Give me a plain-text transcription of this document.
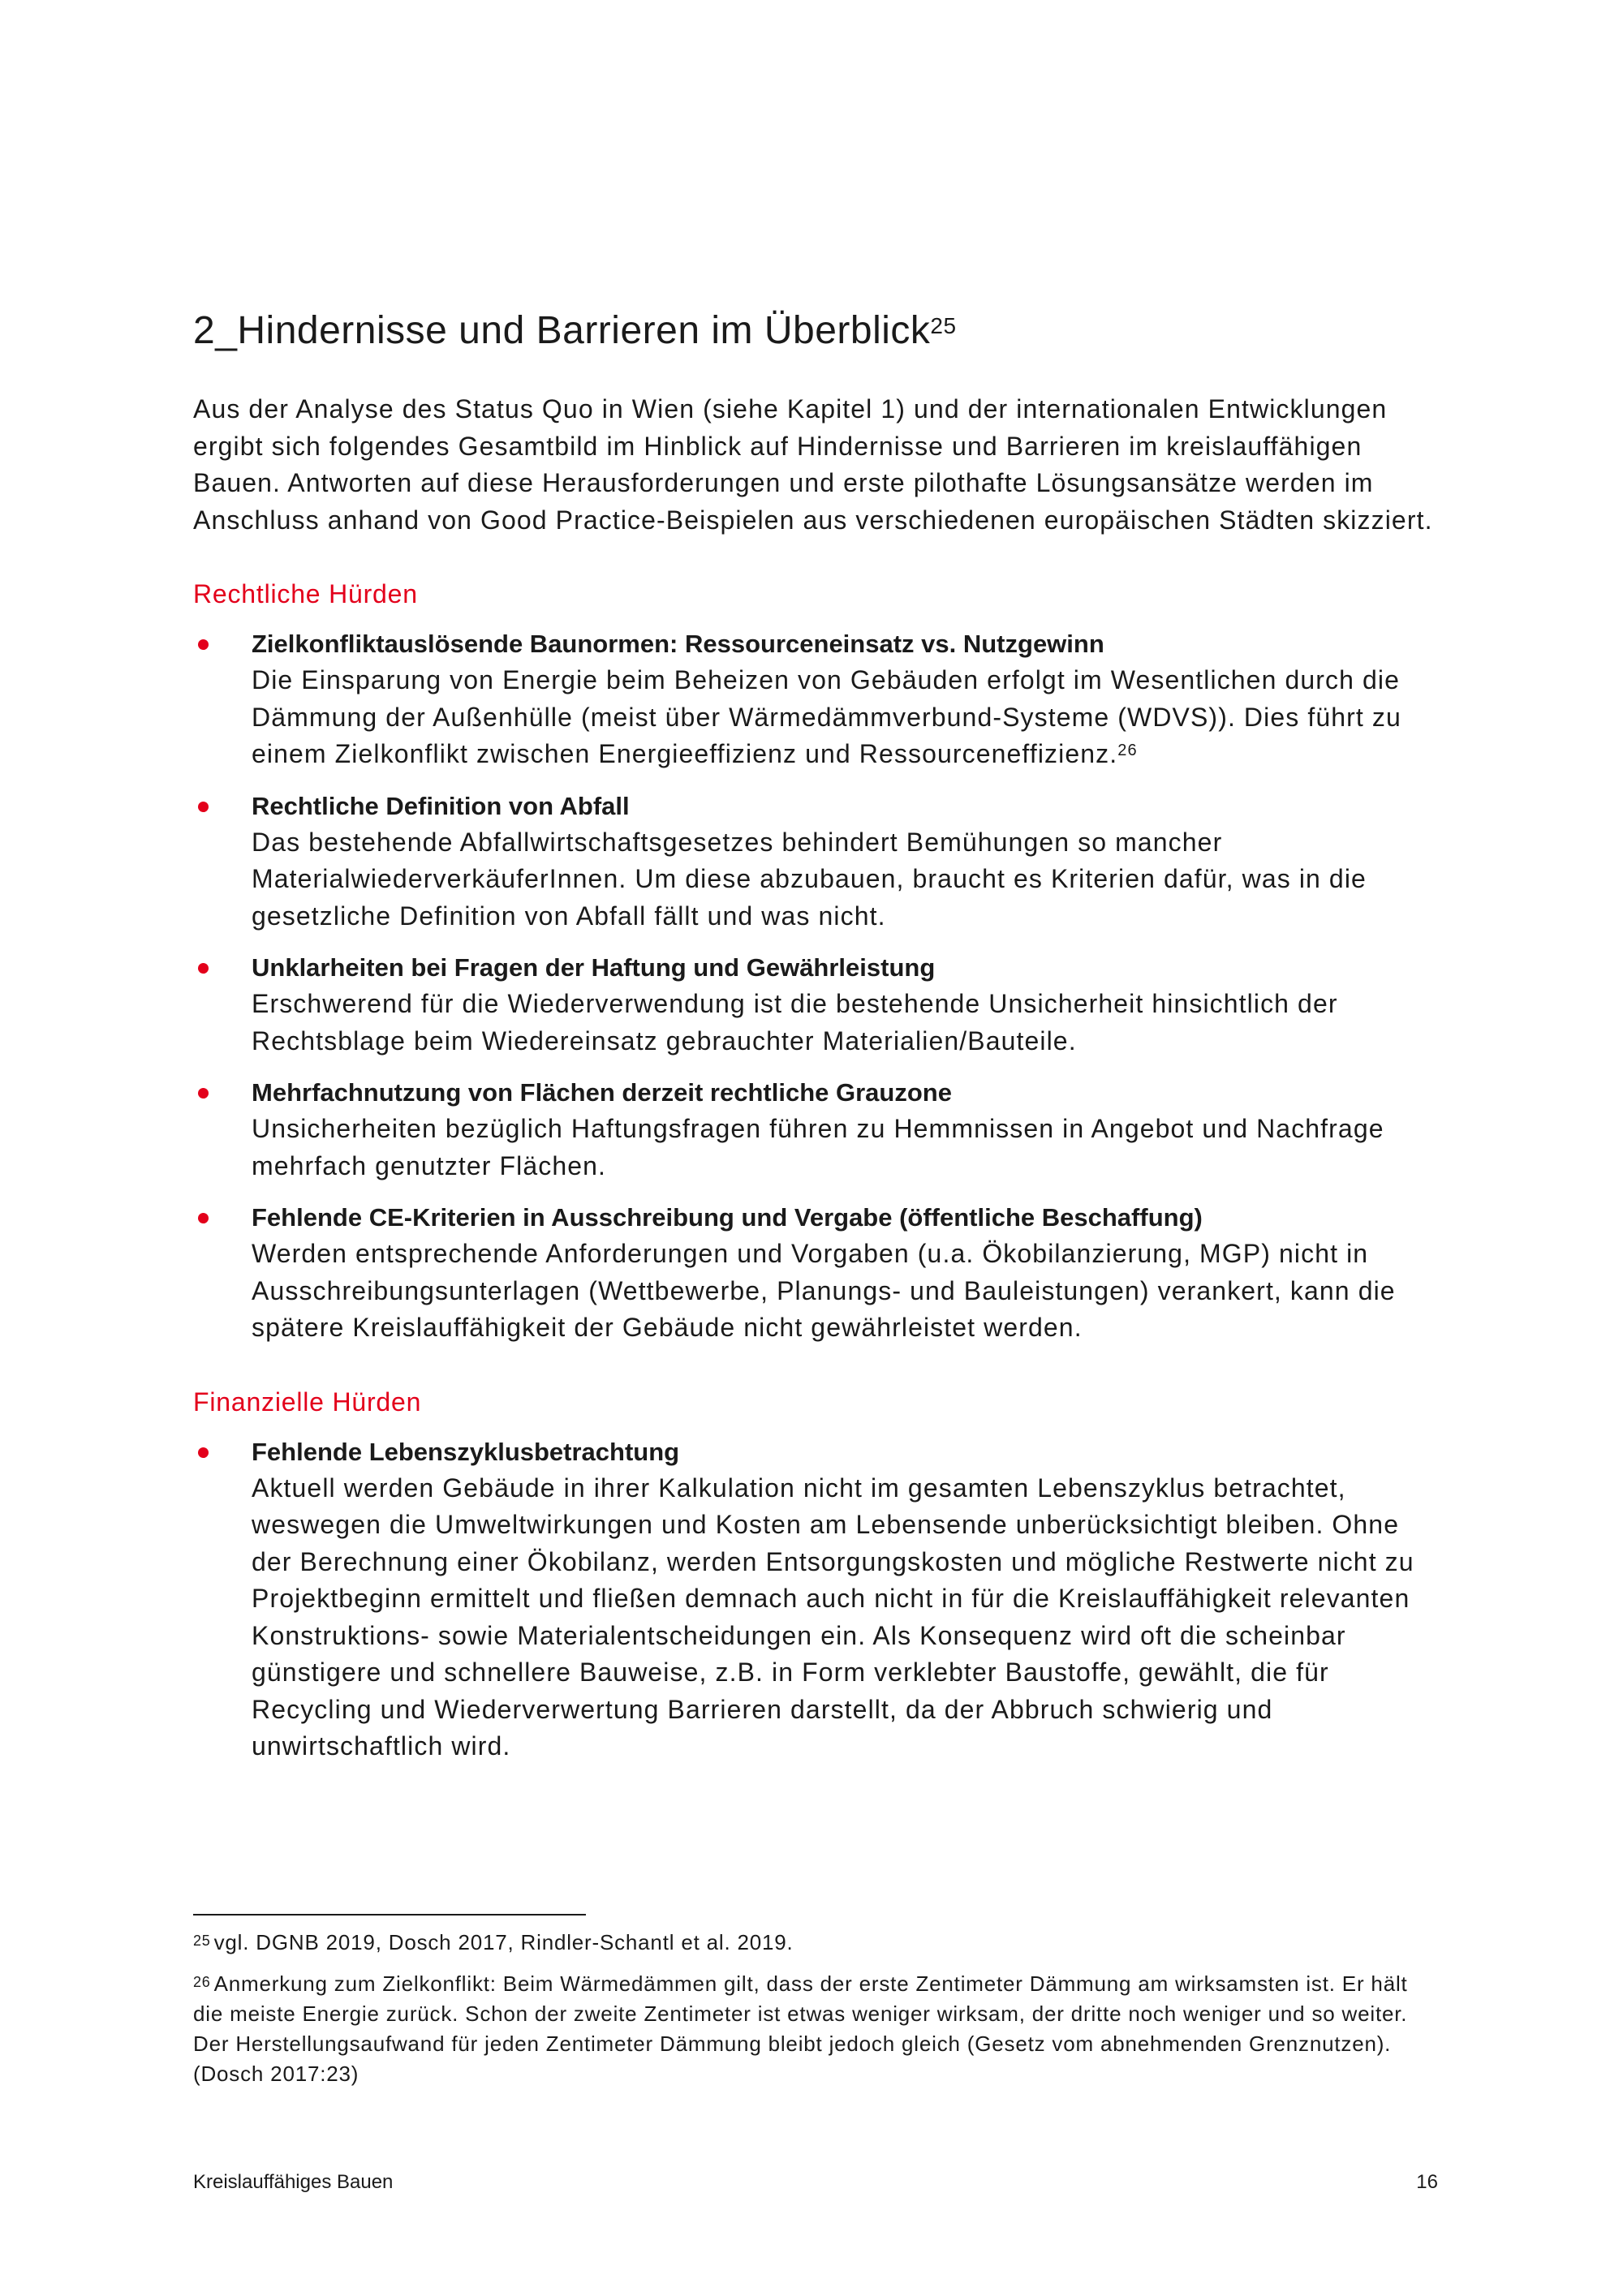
2_Hindernisse und Barrieren im Überblick$^{25}$

Aus der Analyse des Status Quo in Wien (siehe Kapitel 1) und der internationalen Entwicklungen ergibt sich folgendes Gesamtbild im Hinblick auf Hindernisse und Barrieren im kreislauffähigen Bauen. Antworten auf diese Herausforderungen und erste pilothafte Lösungsansätze werden im Anschluss anhand von Good Practice-Beispielen aus verschiedenen europäischen Städten skizziert.

Rechtliche Hürden
Zielkonfliktauslösende Baunormen: Ressourceneinsatz vs. Nutzgewinn
Die Einsparung von Energie beim Beheizen von Gebäuden erfolgt im Wesentlichen durch die Dämmung der Außenhülle (meist über Wärmedämmverbund-Systeme (WDVS)). Dies führt zu einem Zielkonflikt zwischen Energieeffizienz und Ressourceneffizienz.$^{26}$
Rechtliche Definition von Abfall
Das bestehende Abfallwirtschaftsgesetzes behindert Bemühungen so mancher MaterialwiederverkäuferInnen. Um diese abzubauen, braucht es Kriterien dafür, was in die gesetzliche Definition von Abfall fällt und was nicht.
Unklarheiten bei Fragen der Haftung und Gewährleistung
Erschwerend für die Wiederverwendung ist die bestehende Unsicherheit hinsichtlich der Rechtsblage beim Wiedereinsatz gebrauchter Materialien/Bauteile.
Mehrfachnutzung von Flächen derzeit rechtliche Grauzone
Unsicherheiten bezüglich Haftungsfragen führen zu Hemmnissen in Angebot und Nachfrage mehrfach genutzter Flächen.
Fehlende CE-Kriterien in Ausschreibung und Vergabe (öffentliche Beschaffung)
Werden entsprechende Anforderungen und Vorgaben (u.a. Ökobilanzierung, MGP) nicht in Ausschreibungsunterlagen (Wettbewerbe, Planungs- und Bauleistungen) verankert, kann die spätere Kreislauffähigkeit der Gebäude nicht gewährleistet werden.
Finanzielle Hürden
Fehlende Lebenszyklusbetrachtung
Aktuell werden Gebäude in ihrer Kalkulation nicht im gesamten Lebenszyklus betrachtet, weswegen die Umweltwirkungen und Kosten am Lebensende unberücksichtigt bleiben. Ohne der Berechnung einer Ökobilanz, werden Entsorgungskosten und mögliche Restwerte nicht zu Projektbeginn ermittelt und fließen demnach auch nicht in für die Kreislauffähigkeit relevanten Konstruktions- sowie Materialentscheidungen ein. Als Konsequenz wird oft die scheinbar günstigere und schnellere Bauweise, z.B. in Form verklebter Baustoffe, gewählt, die für Recycling und Wiederverwertung Barrieren darstellt, da der Abbruch schwierig und unwirtschaftlich wird.

$^{25}$ vgl. DGNB 2019, Dosch 2017, Rindler-Schantl et al. 2019.

$^{26}$ Anmerkung zum Zielkonflikt: Beim Wärmedämmen gilt, dass der erste Zentimeter Dämmung am wirksamsten ist. Er hält die meiste Energie zurück. Schon der zweite Zentimeter ist etwas weniger wirksam, der dritte noch weniger und so weiter. Der Herstellungsaufwand für jeden Zentimeter Dämmung bleibt jedoch gleich (Gesetz vom abnehmenden Grenznutzen). (Dosch 2017:23)

Kreislauffähiges Bauen	16
